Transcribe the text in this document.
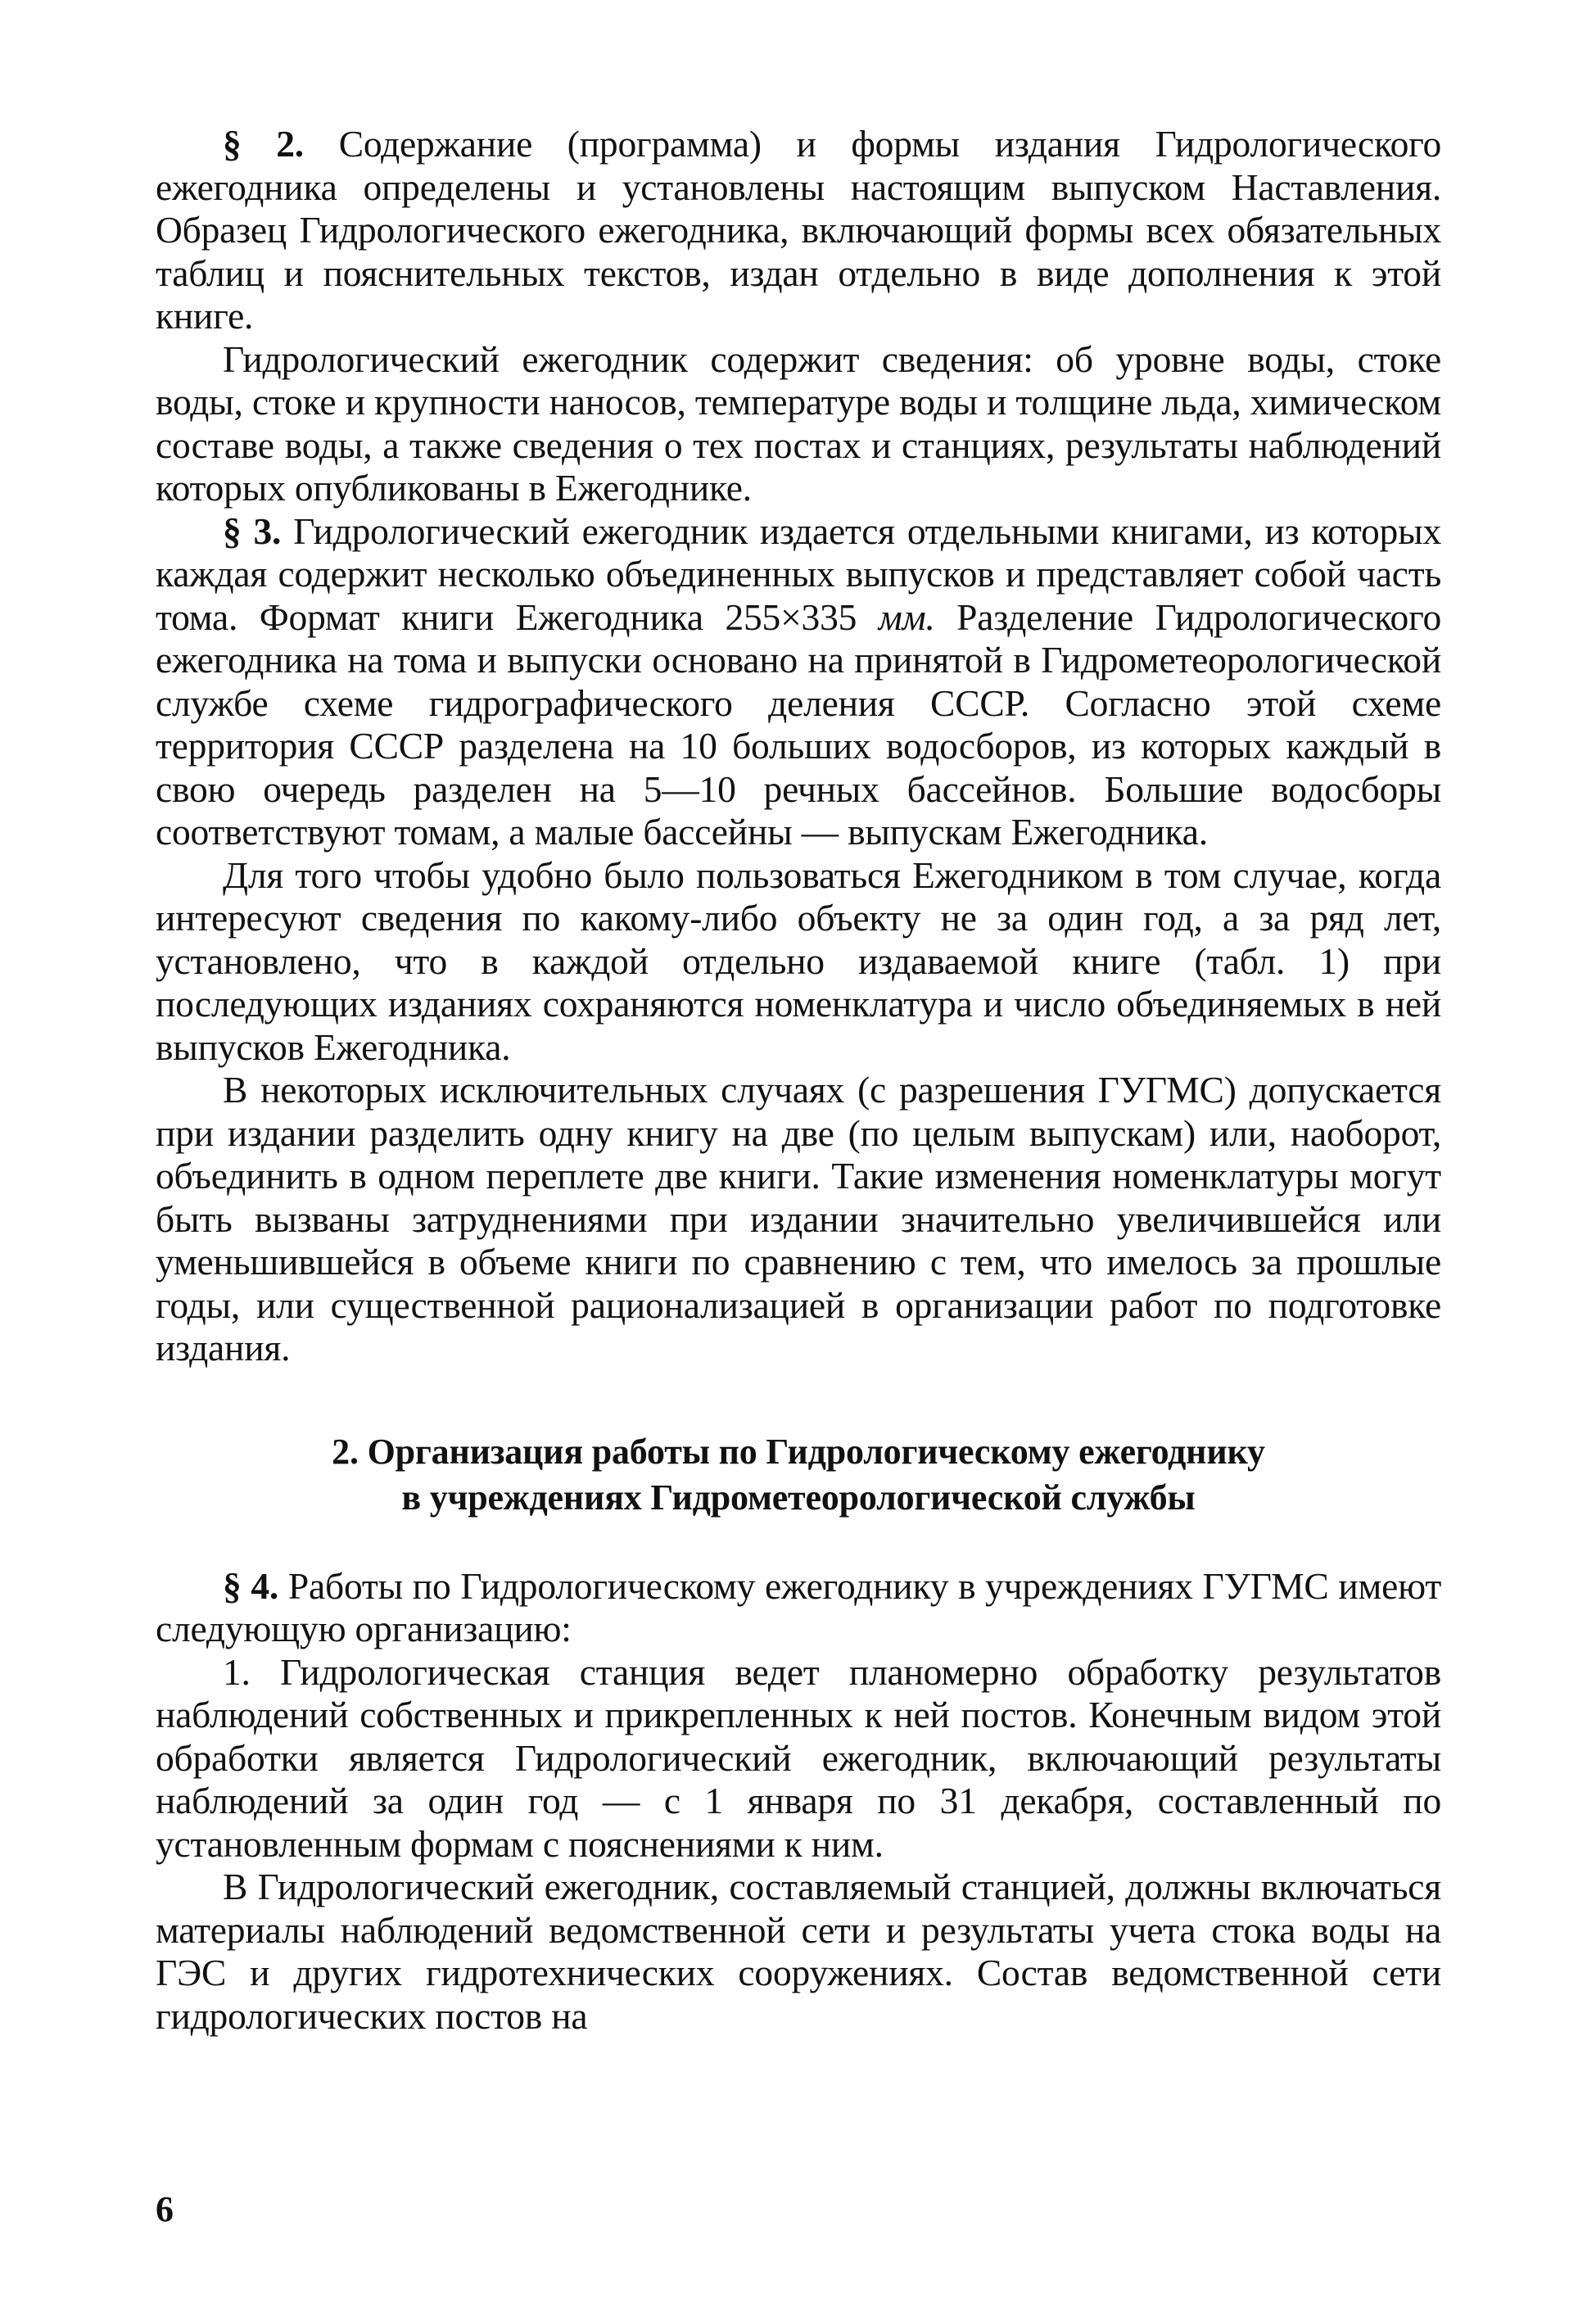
§ 2. Содержание (программа) и формы издания Гидрологического ежегодника определены и установлены настоящим выпуском Наставления. Образец Гидрологического ежегодника, включающий формы всех обязательных таблиц и пояснительных текстов, издан отдельно в виде дополнения к этой книге.

Гидрологический ежегодник содержит сведения: об уровне воды, стоке воды, стоке и крупности наносов, температуре воды и толщине льда, химическом составе воды, а также сведения о тех постах и станциях, результаты наблюдений которых опубликованы в Ежегоднике.

§ 3. Гидрологический ежегодник издается отдельными книгами, из которых каждая содержит несколько объединенных выпусков и представляет собой часть тома. Формат книги Ежегодника 255×335 мм. Разделение Гидрологического ежегодника на тома и выпуски основано на принятой в Гидрометеорологической службе схеме гидрографического деления СССР. Согласно этой схеме территория СССР разделена на 10 больших водосборов, из которых каждый в свою очередь разделен на 5—10 речных бассейнов. Большие водосборы соответствуют томам, а малые бассейны — выпускам Ежегодника.

Для того чтобы удобно было пользоваться Ежегодником в том случае, когда интересуют сведения по какому-либо объекту не за один год, а за ряд лет, установлено, что в каждой отдельно издаваемой книге (табл. 1) при последующих изданиях сохраняются номенклатура и число объединяемых в ней выпусков Ежегодника.

В некоторых исключительных случаях (с разрешения ГУГМС) допускается при издании разделить одну книгу на две (по целым выпускам) или, наоборот, объединить в одном переплете две книги. Такие изменения номенклатуры могут быть вызваны затруднениями при издании значительно увеличившейся или уменьшившейся в объеме книги по сравнению с тем, что имелось за прошлые годы, или существенной рационализацией в организации работ по подготовке издания.

2. Организация работы по Гидрологическому ежегоднику
в учреждениях Гидрометеорологической службы

§ 4. Работы по Гидрологическому ежегоднику в учреждениях ГУГМС имеют следующую организацию:

1. Гидрологическая станция ведет планомерно обработку результатов наблюдений собственных и прикрепленных к ней постов. Конечным видом этой обработки является Гидрологический ежегодник, включающий результаты наблюдений за один год — с 1 января по 31 декабря, составленный по установленным формам с пояснениями к ним.

В Гидрологический ежегодник, составляемый станцией, должны включаться материалы наблюдений ведомственной сети и результаты учета стока воды на ГЭС и других гидротехнических сооружениях. Состав ведомственной сети гидрологических постов на

6
